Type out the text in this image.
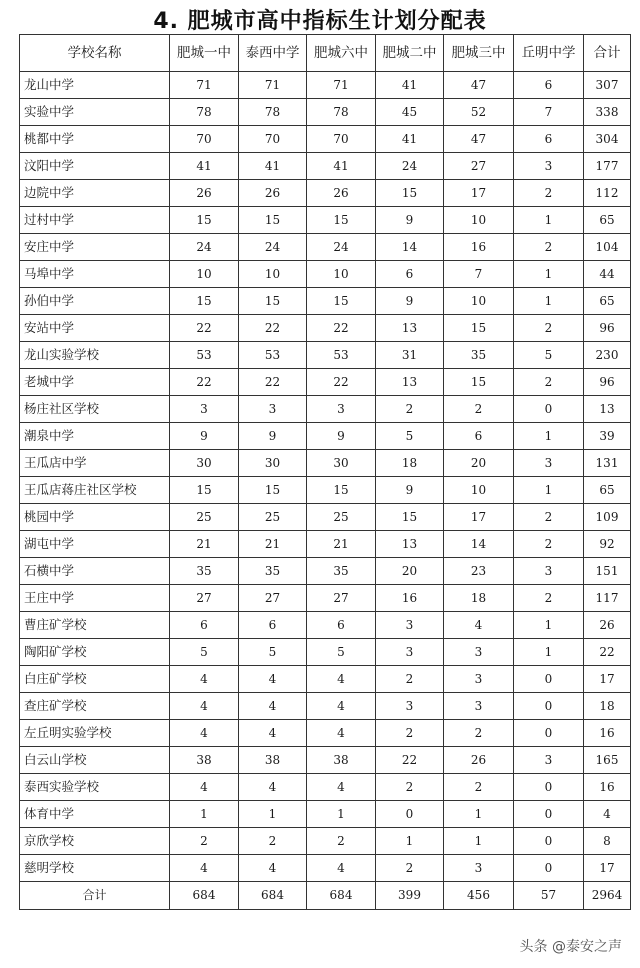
4. 肥城市高中指标生计划分配表
学校名称	肥城一中	泰西中学	肥城六中	肥城二中	肥城三中	丘明中学	合计
龙山中学	71	71	71	41	47	6	307
实验中学	78	78	78	45	52	7	338
桃都中学	70	70	70	41	47	6	304
汶阳中学	41	41	41	24	27	3	177
边院中学	26	26	26	15	17	2	112
过村中学	15	15	15	9	10	1	65
安庄中学	24	24	24	14	16	2	104
马埠中学	10	10	10	6	7	1	44
孙伯中学	15	15	15	9	10	1	65
安站中学	22	22	22	13	15	2	96
龙山实验学校	53	53	53	31	35	5	230
老城中学	22	22	22	13	15	2	96
杨庄社区学校	3	3	3	2	2	0	13
潮泉中学	9	9	9	5	6	1	39
王瓜店中学	30	30	30	18	20	3	131
王瓜店蒋庄社区学校	15	15	15	9	10	1	65
桃园中学	25	25	25	15	17	2	109
湖屯中学	21	21	21	13	14	2	92
石横中学	35	35	35	20	23	3	151
王庄中学	27	27	27	16	18	2	117
曹庄矿学校	6	6	6	3	4	1	26
陶阳矿学校	5	5	5	3	3	1	22
白庄矿学校	4	4	4	2	3	0	17
查庄矿学校	4	4	4	3	3	0	18
左丘明实验学校	4	4	4	2	2	0	16
白云山学校	38	38	38	22	26	3	165
泰西实验学校	4	4	4	2	2	0	16
体育中学	1	1	1	0	1	0	4
京欣学校	2	2	2	1	1	0	8
慈明学校	4	4	4	2	3	0	17
合计	684	684	684	399	456	57	2964
头条 @泰安之声
